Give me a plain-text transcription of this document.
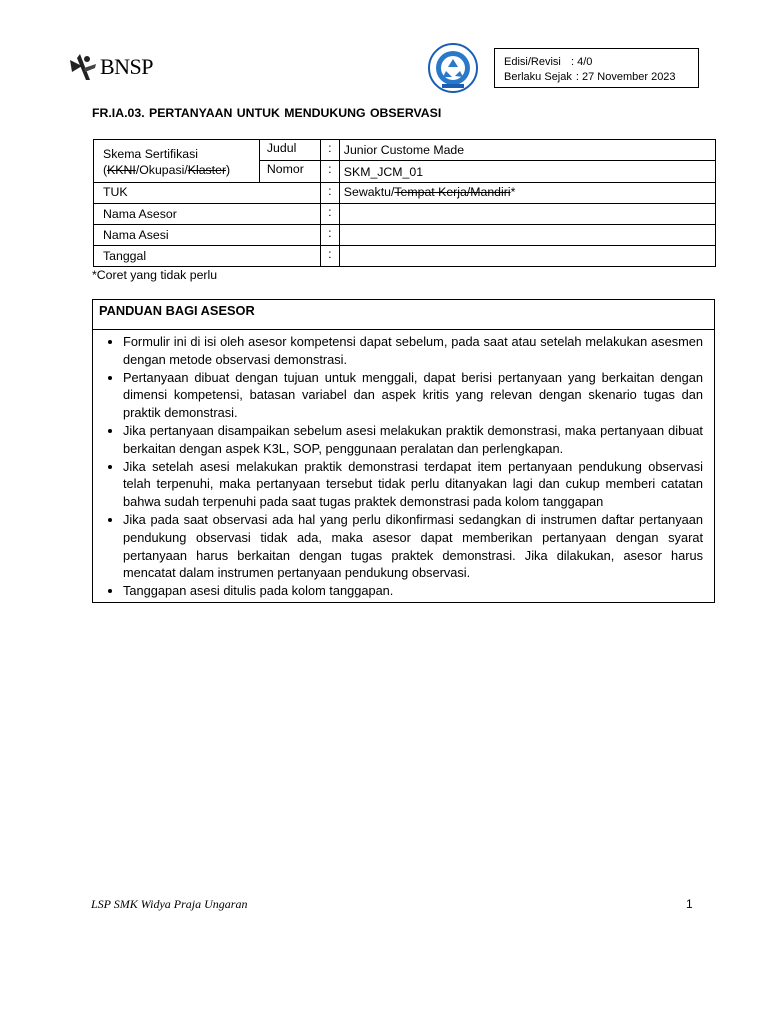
BNSP	Edisi/Revisi : 4/0
Berlaku Sejak : 27 November 2023
FR.IA.03. PERTANYAAN UNTUK MENDUKUNG OBSERVASI
Skema Sertifikasi
(KKNI/Okupasi/Klaster)	Judul	:	Junior Custome Made
	Nomor	:	SKM_JCM_01
TUK		:	Sewaktu/Tempat Kerja/Mandiri*
Nama Asesor		:	
Nama Asesi		:	
Tanggal		:	
*Coret yang tidak perlu
PANDUAN BAGI ASESOR
• Formulir ini di isi oleh asesor kompetensi dapat sebelum, pada saat atau setelah melakukan asesmen dengan metode observasi demonstrasi.
• Pertanyaan dibuat dengan tujuan untuk menggali, dapat berisi pertanyaan yang berkaitan dengan dimensi kompetensi, batasan variabel dan aspek kritis yang relevan dengan skenario tugas dan praktik demonstrasi.
• Jika pertanyaan disampaikan sebelum asesi melakukan praktik demonstrasi, maka pertanyaan dibuat berkaitan dengan aspek K3L, SOP, penggunaan peralatan dan perlengkapan.
• Jika setelah asesi melakukan praktik demonstrasi terdapat item pertanyaan pendukung observasi telah terpenuhi, maka pertanyaan tersebut tidak perlu ditanyakan lagi dan cukup memberi catatan bahwa sudah terpenuhi pada saat tugas praktek demonstrasi pada kolom tanggapan
• Jika pada saat observasi ada hal yang perlu dikonfirmasi sedangkan di instrumen daftar pertanyaan pendukung observasi tidak ada, maka asesor dapat memberikan pertanyaan dengan syarat pertanyaan harus berkaitan dengan tugas praktek demonstrasi. Jika dilakukan, asesor harus mencatat dalam instrumen pertanyaan pendukung observasi.
• Tanggapan asesi ditulis pada kolom tanggapan.
LSP SMK Widya Praja Ungaran	1
